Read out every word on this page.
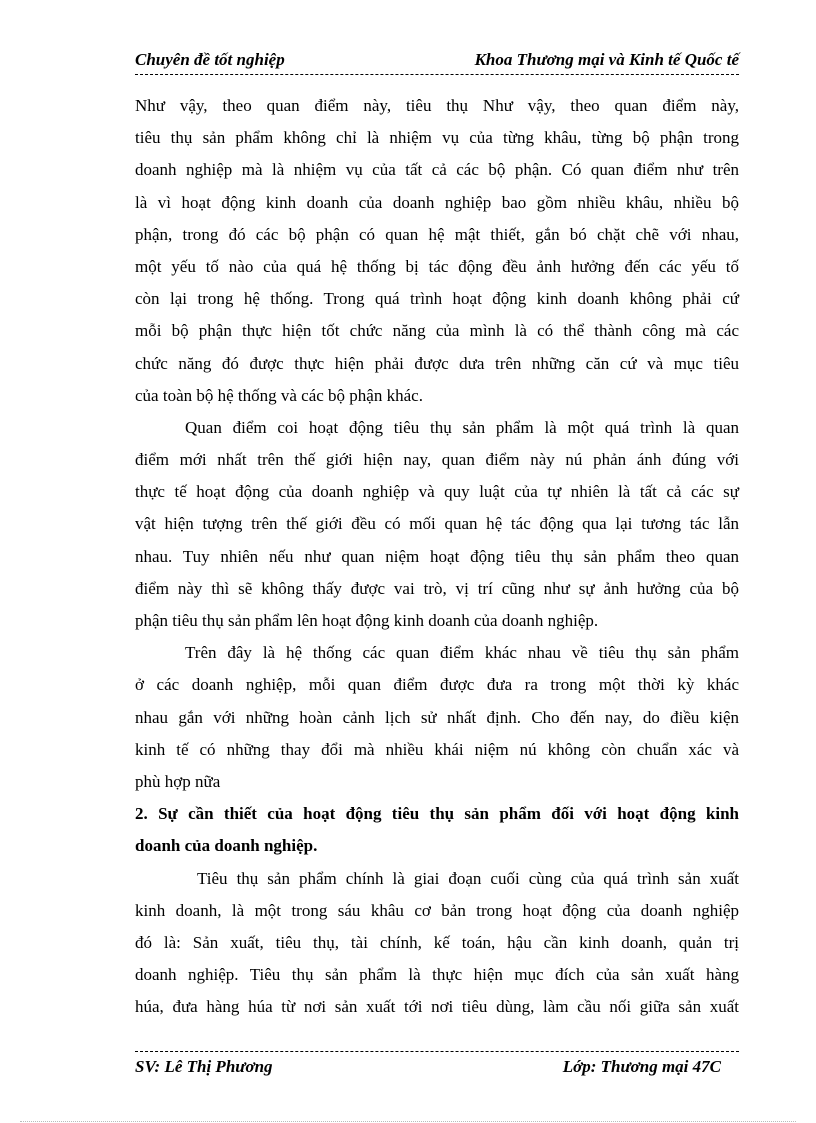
Chuyên đề tốt nghiệp	Khoa Thương mại và Kinh tế Quốc tế
Như vậy, theo quan điểm này, tiêu thụ Như vậy, theo quan điểm này,
tiêu thụ sản phẩm không chỉ là nhiệm vụ của từng khâu, từng bộ phận trong
doanh nghiệp mà là nhiệm vụ của tất cả các bộ phận. Có quan điểm như trên
là vì hoạt động kinh doanh của doanh nghiệp bao gồm nhiều khâu, nhiều bộ
phận, trong đó các bộ phận có quan hệ mật thiết, gắn bó chặt chẽ với nhau,
một yếu tố nào của quá hệ thống bị tác động đều ảnh hưởng đến các yếu tố
còn lại trong hệ thống. Trong quá trình hoạt động kinh doanh không phải cứ
mỗi bộ phận thực hiện tốt chức năng của mình là có thể thành công mà các
chức năng đó được thực hiện phải được dưa trên những căn cứ và mục tiêu
của toàn bộ hệ thống và các bộ phận khác.
Quan điểm coi hoạt động tiêu thụ sản phẩm là một quá trình là quan
điểm mới nhất trên thế giới hiện nay, quan điểm này nú phản ánh đúng với
thực tế hoạt động của doanh nghiệp và quy luật của tự nhiên là tất cả các sự
vật hiện tượng trên thế giới đều có mối quan hệ tác động qua lại tương tác lẫn
nhau. Tuy nhiên nếu như quan niệm hoạt động tiêu thụ sản phẩm theo quan
điểm này thì sẽ không thấy được vai trò, vị trí cũng như sự ảnh hưởng của bộ
phận tiêu thụ sản phẩm lên hoạt động kinh doanh của doanh nghiệp.
Trên đây là hệ thống các quan điểm khác nhau về tiêu thụ sản phẩm
ở các doanh nghiệp, mỗi quan điểm được đưa ra trong một thời kỳ khác
nhau gắn với những hoàn cảnh lịch sử nhất định. Cho đến nay, do điều kiện
kinh tế có những thay đổi mà nhiều khái niệm nú không còn chuẩn xác và
phù hợp nữa
2. Sự cần thiết của hoạt động tiêu thụ sản phẩm đối với hoạt động kinh
doanh của doanh nghiệp.
Tiêu thụ sản phẩm chính là giai đoạn cuối cùng của quá trình sản xuất
kinh doanh, là một trong sáu khâu cơ bản trong hoạt động của doanh nghiệp
đó là: Sản xuất, tiêu thụ, tài chính, kế toán, hậu cần kinh doanh, quản trị
doanh nghiệp. Tiêu thụ sản phẩm là thực hiện mục đích của sản xuất hàng
húa, đưa hàng húa từ nơi sản xuất tới nơi tiêu dùng, làm cầu nối giữa sản xuất
SV: Lê Thị Phương	Lớp: Thương mại 47C
